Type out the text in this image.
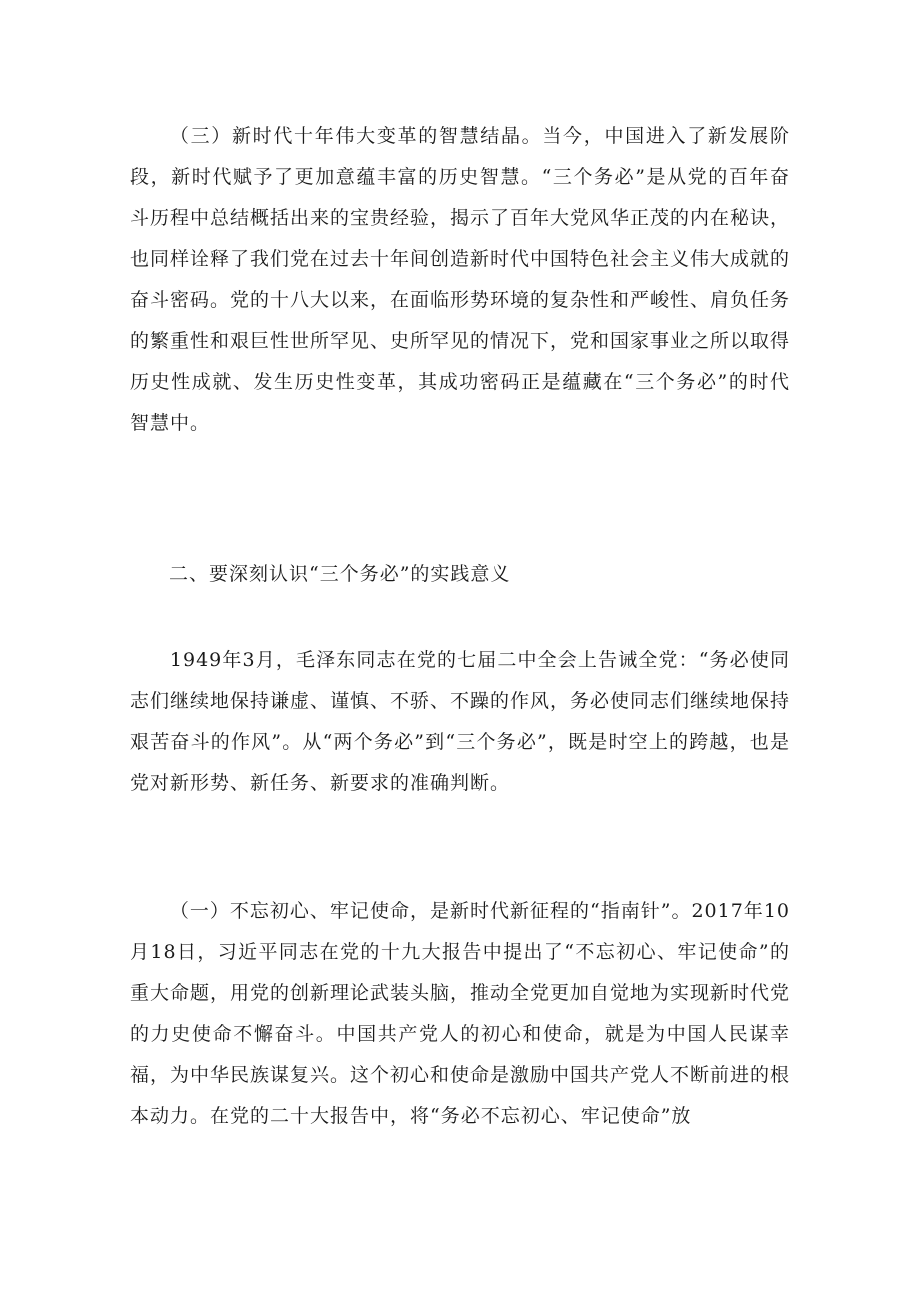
（三）新时代十年伟大变革的智慧结晶。当今，中国进入了新发展阶段，新时代赋予了更加意蕴丰富的历史智慧。“三个务必”是从党的百年奋斗历程中总结概括出来的宝贵经验，揭示了百年大党风华正茂的内在秘诀，也同样诠释了我们党在过去十年间创造新时代中国特色社会主义伟大成就的奋斗密码。党的十八大以来，在面临形势环境的复杂性和严峻性、肩负任务的繁重性和艰巨性世所罕见、史所罕见的情况下，党和国家事业之所以取得历史性成就、发生历史性变革，其成功密码正是蕴藏在“三个务必”的时代智慧中。

二、要深刻认识“三个务必”的实践意义

1949年3月，毛泽东同志在党的七届二中全会上告诫全党：“务必使同志们继续地保持谦虚、谨慎、不骄、不躁的作风，务必使同志们继续地保持艰苦奋斗的作风”。从“两个务必”到“三个务必”，既是时空上的跨越，也是党对新形势、新任务、新要求的准确判断。

（一）不忘初心、牢记使命，是新时代新征程的“指南针”。2017年10月18日，习近平同志在党的十九大报告中提出了“不忘初心、牢记使命”的重大命题，用党的创新理论武装头脑，推动全党更加自觉地为实现新时代党的力史使命不懈奋斗。中国共产党人的初心和使命，就是为中国人民谋幸福，为中华民族谋复兴。这个初心和使命是激励中国共产党人不断前进的根本动力。在党的二十大报告中，将“务必不忘初心、牢记使命”放
